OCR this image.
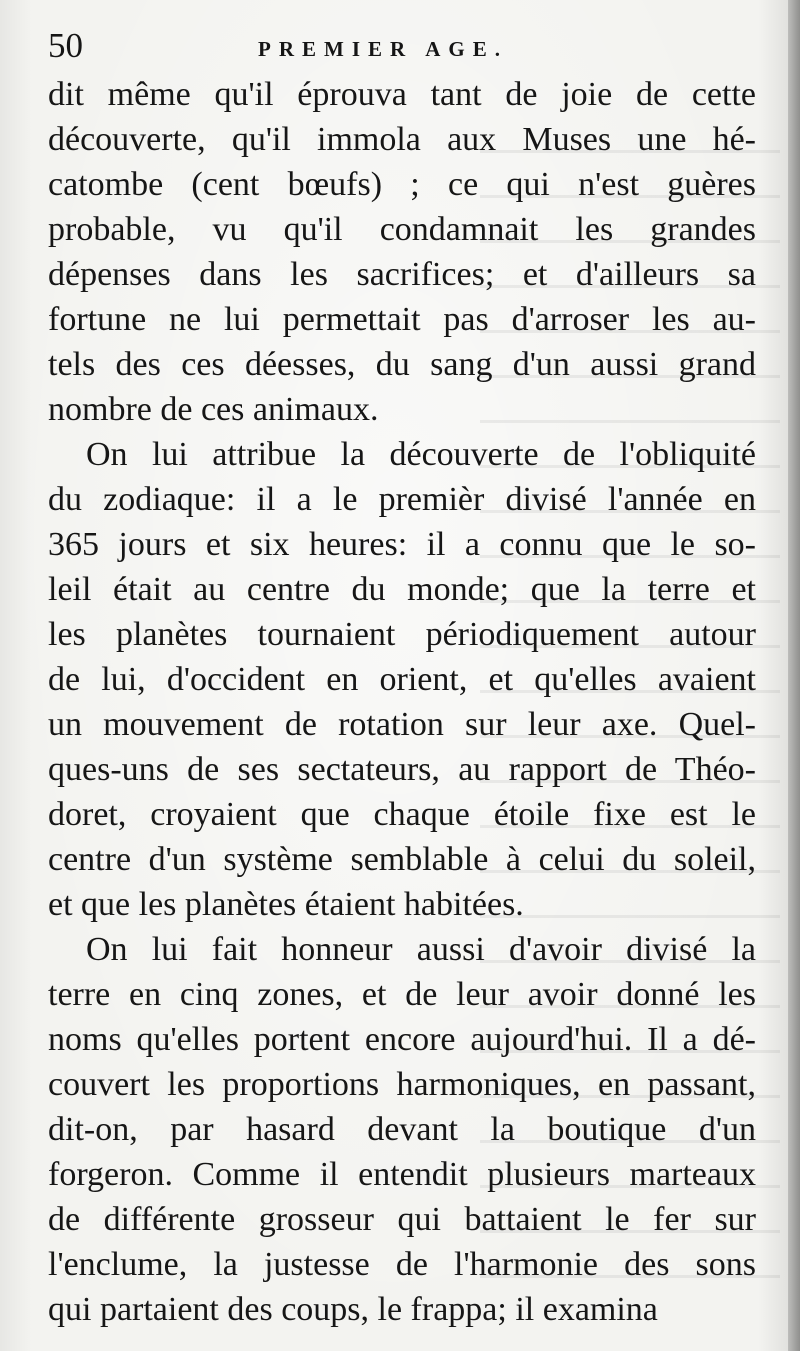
50	PREMIER AGE.
dit même qu'il éprouva tant de joie de cette
découverte, qu'il immola aux Muses une hé-
catombe (cent bœufs) ; ce qui n'est guères
probable, vu qu'il condamnait les grandes
dépenses dans les sacrifices; et d'ailleurs sa
fortune ne lui permettait pas d'arroser les au-
tels des ces déesses, du sang d'un aussi grand
nombre de ces animaux.
On lui attribue la découverte de l'obliquité
du zodiaque: il a le premièr divisé l'année en
365 jours et six heures: il a connu que le so-
leil était au centre du monde; que la terre et
les planètes tournaient périodiquement autour
de lui, d'occident en orient, et qu'elles avaient
un mouvement de rotation sur leur axe. Quel-
ques-uns de ses sectateurs, au rapport de Théo-
doret, croyaient que chaque étoile fixe est le
centre d'un système semblable à celui du soleil,
et que les planètes étaient habitées.
On lui fait honneur aussi d'avoir divisé la
terre en cinq zones, et de leur avoir donné les
noms qu'elles portent encore aujourd'hui. Il a dé-
couvert les proportions harmoniques, en passant,
dit-on, par hasard devant la boutique d'un
forgeron. Comme il entendit plusieurs marteaux
de différente grosseur qui battaient le fer sur
l'enclume, la justesse de l'harmonie des sons
qui partaient des coups, le frappa; il examina
